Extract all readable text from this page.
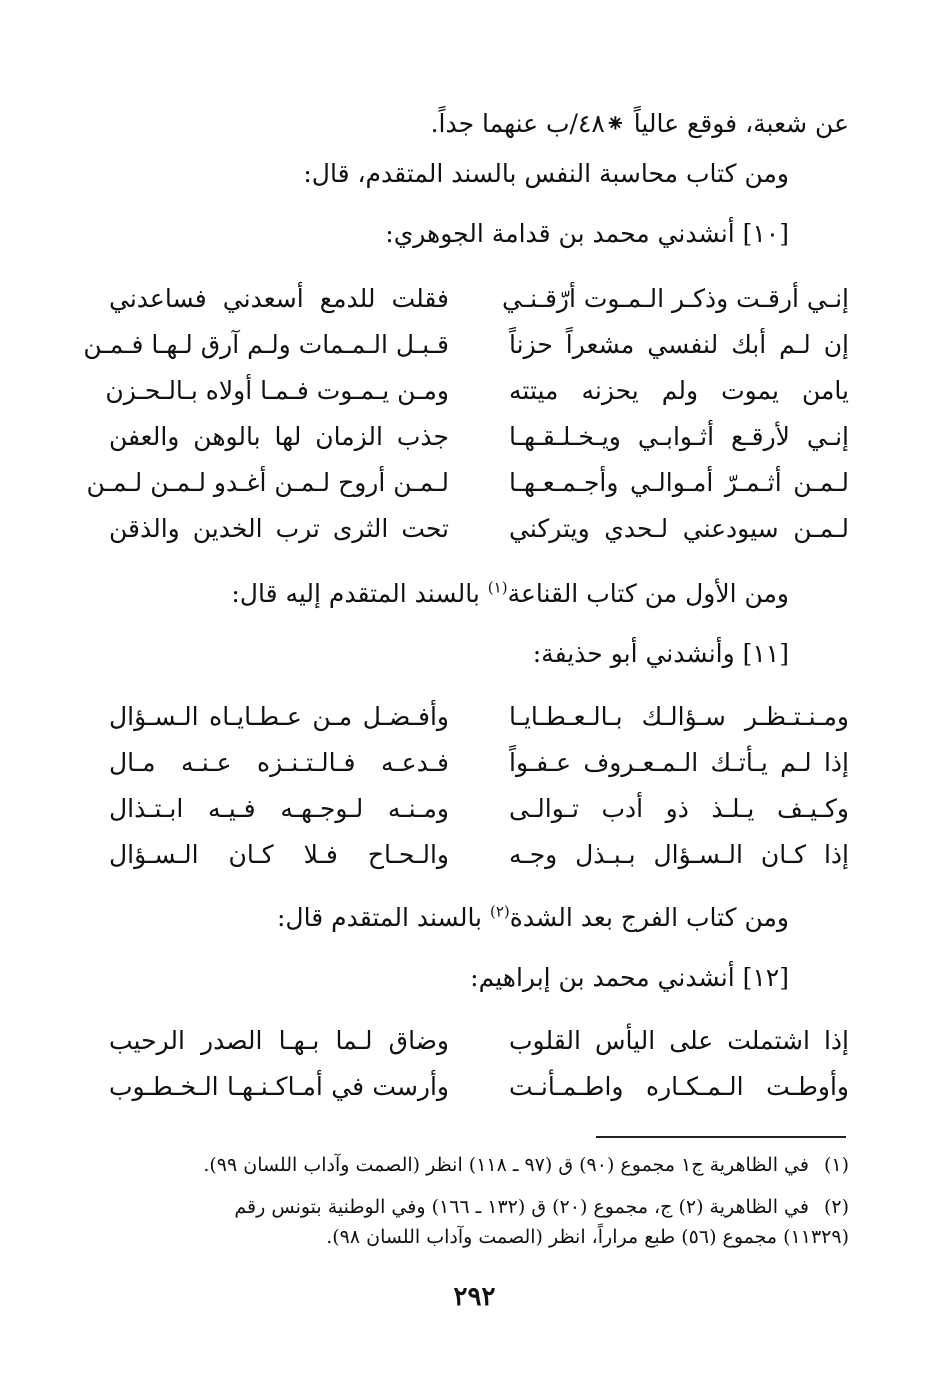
عن شعبة، فوقع عالياً ⁕٤٨/ب عنهما جداً.
ومن كتاب محاسبة النفس بالسند المتقدم، قال:
[١٠] أنشدني محمد بن قدامة الجوهري:
إنـي أرقـت وذكـر الـمـوت أرّقـنـي
فقلت للدمع أسعدني فساعدني
إن لـم أبك لنفسي مشعراً حزناً
قـبـل الـمـمات ولـم آرق لـهـا فـمـن
يامن يموت ولم يحزنه ميتته
ومـن يـمـوت فـمـا أولاه بـالـحـزن
إنـي لأرقـع أثـوابـي ويـخـلـقـهـا
جذب الزمان لها بالوهن والعفن
لـمـن أثـمـرّ أمـوالـي وأجـمـعـهـا
لـمـن أروح لـمـن أغـدو لـمـن لـمـن
لـمـن سيودعني لـحدي ويتركني
تحت الثرى ترب الخدين والذقن
ومن الأول من كتاب القناعة$^{(١)}$ بالسند المتقدم إليه قال:
[١١] وأنشدني أبو حذيفة:
ومـنـتـظـر سـؤالـك بـالـعـطـايـا
وأفـضـل مـن عـطـايـاه الـسـؤال
إذا لـم يـأتـك الـمـعـروف عـفـواً
فـدعـه فـالـتـنـزه عـنـه مـال
وكـيـف يـلـذ ذو أدب تـوالـى
ومـنـه لـوجـهـه فـيـه ابـتـذال
إذا كـان الـسـؤال بـبـذل وجـه
والـحـاح فـلا كـان الـسـؤال
ومن كتاب الفرج بعد الشدة$^{(٢)}$ بالسند المتقدم قال:
[١٢] أنشدني محمد بن إبراهيم:
إذا اشتملت على اليأس القلوب
وضاق لـما بـهـا الصدر الرحيب
وأوطـت الـمـكـاره واطـمـأنـت
وأرست في أمـاكـنـهـا الـخـطـوب
(١) في الظاهرية ج١ مجموع (٩٠) ق (٩٧ ـ ١١٨) انظر (الصمت وآداب اللسان ٩٩).
(٢) في الظاهرية (٢) ج، مجموع (٢٠) ق (١٣٢ ـ ١٦٦) وفي الوطنية بتونس رقم
(١١٣٢٩) مجموع (٥٦) طبع مراراً، انظر (الصمت وآداب اللسان ٩٨).
٢٩٢
